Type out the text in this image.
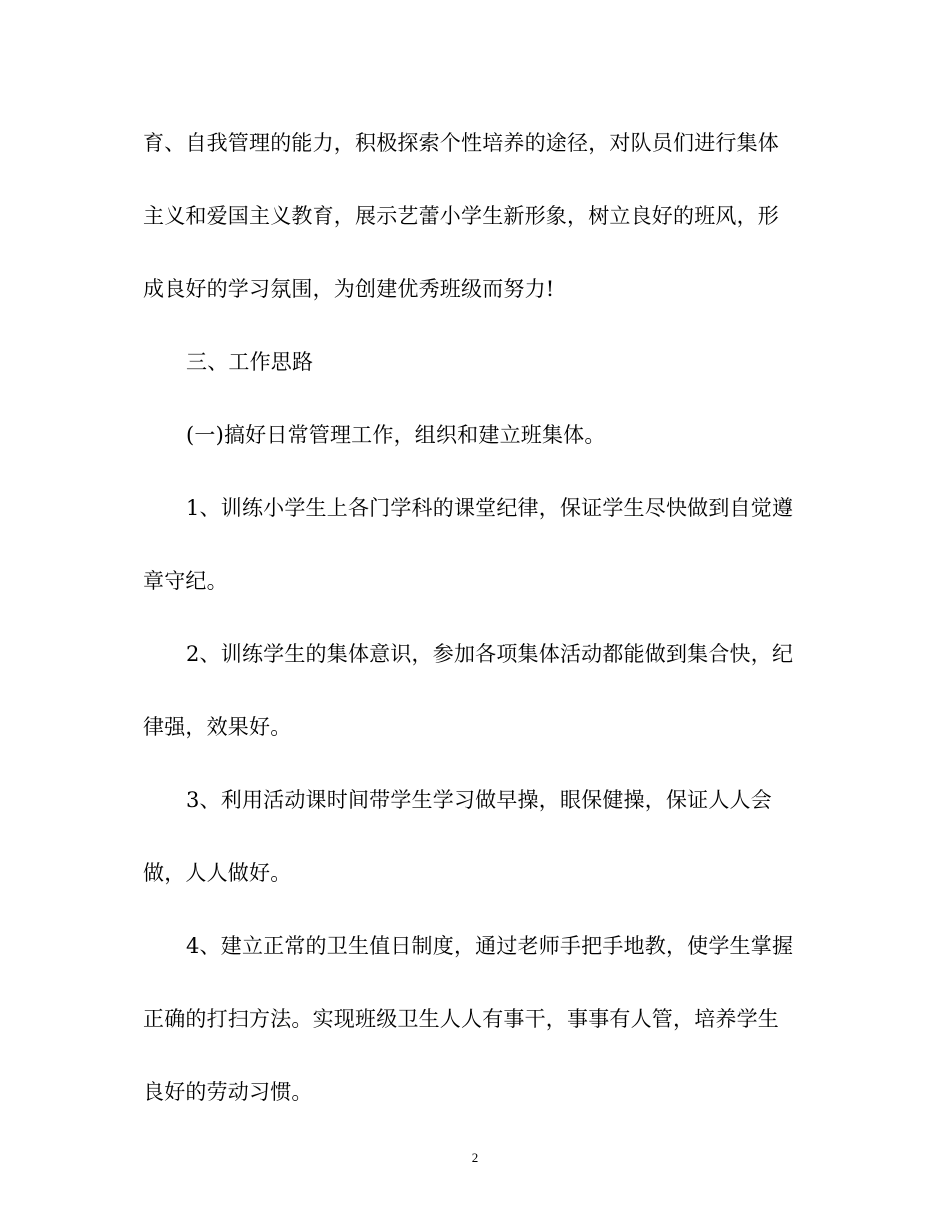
育、自我管理的能力，积极探索个性培养的途径，对队员们进行集体
主义和爱国主义教育，展示艺蕾小学生新形象，树立良好的班风，形
成良好的学习氛围，为创建优秀班级而努力!
三、工作思路
(一)搞好日常管理工作，组织和建立班集体。
1、训练小学生上各门学科的课堂纪律，保证学生尽快做到自觉遵
章守纪。
2、训练学生的集体意识，参加各项集体活动都能做到集合快，纪
律强，效果好。
3、利用活动课时间带学生学习做早操，眼保健操，保证人人会
做，人人做好。
4、建立正常的卫生值日制度，通过老师手把手地教，使学生掌握
正确的打扫方法。实现班级卫生人人有事干，事事有人管，培养学生
良好的劳动习惯。
2
